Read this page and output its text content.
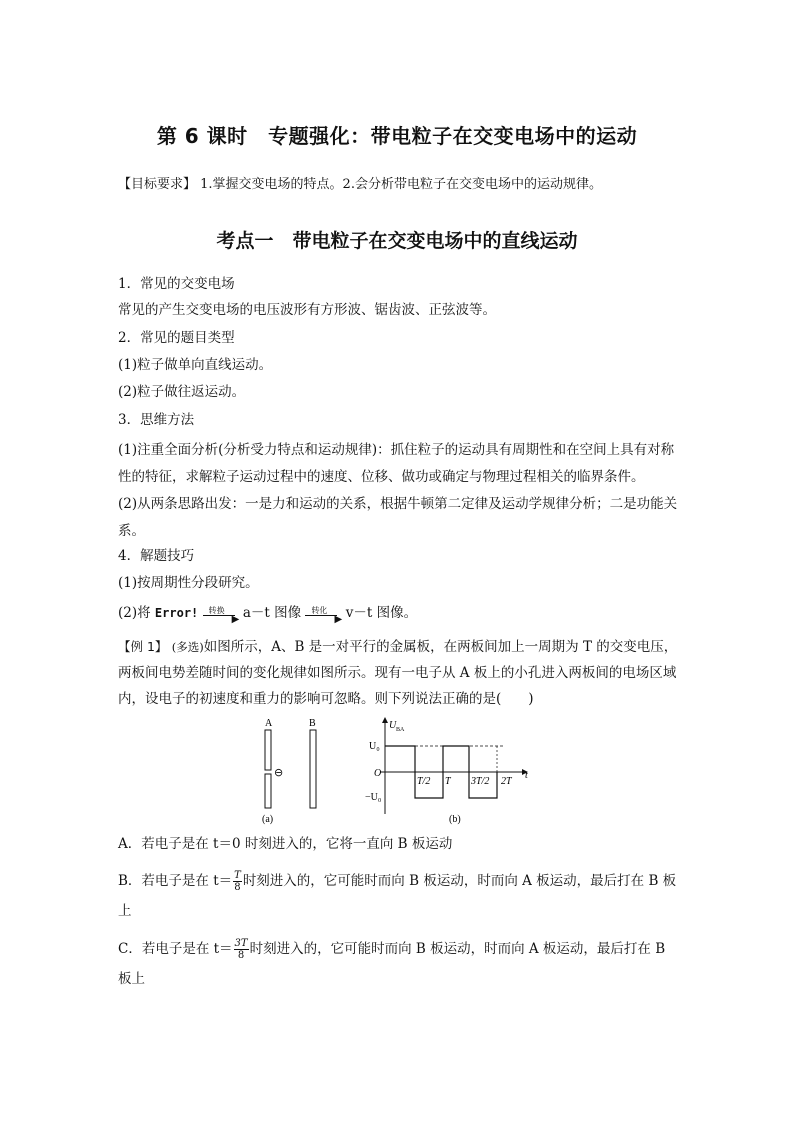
第 6 课时　专题强化：带电粒子在交变电场中的运动
【目标要求】 1.掌握交变电场的特点。2.会分析带电粒子在交变电场中的运动规律。
考点一　带电粒子在交变电场中的直线运动
1．常见的交变电场
常见的产生交变电场的电压波形有方形波、锯齿波、正弦波等。
2．常见的题目类型
(1)粒子做单向直线运动。
(2)粒子做往返运动。
3．思维方法
(1)注重全面分析(分析受力特点和运动规律)：抓住粒子的运动具有周期性和在空间上具有对称性的特征，求解粒子运动过程中的速度、位移、做功或确定与物理过程相关的临界条件。
(2)从两条思路出发：一是力和运动的关系，根据牛顿第二定律及运动学规律分析；二是功能关系。
4．解题技巧
(1)按周期性分段研究。
(2)将 Error! 转换
▶ a－t 图像 转化
▶ v－t 图像。
【例 1】 (多选)如图所示，A、B 是一对平行的金属板，在两板间加上一周期为 T 的交变电压，两板间电势差随时间的变化规律如图所示。现有一电子从 A 板上的小孔进入两板间的电场区域内，设电子的初速度和重力的影响可忽略。则下列说法正确的是(　　)
A	B
⊖
(a)
U BA
U₀
−U₀
O	t
T/2 T 3T/2 2T
(b)
A．若电子是在 t＝0 时刻进入的，它将一直向 B 板运动
B．若电子是在 $t= \frac{T}{8}$ 时刻进入的，它可能时而向 B 板运动，时而向 A 板运动，最后打在 B 板上
C．若电子是在 $t= \frac{3T}{8}$ 时刻进入的，它可能时而向 B 板运动，时而向 A 板运动，最后打在 B 板上
